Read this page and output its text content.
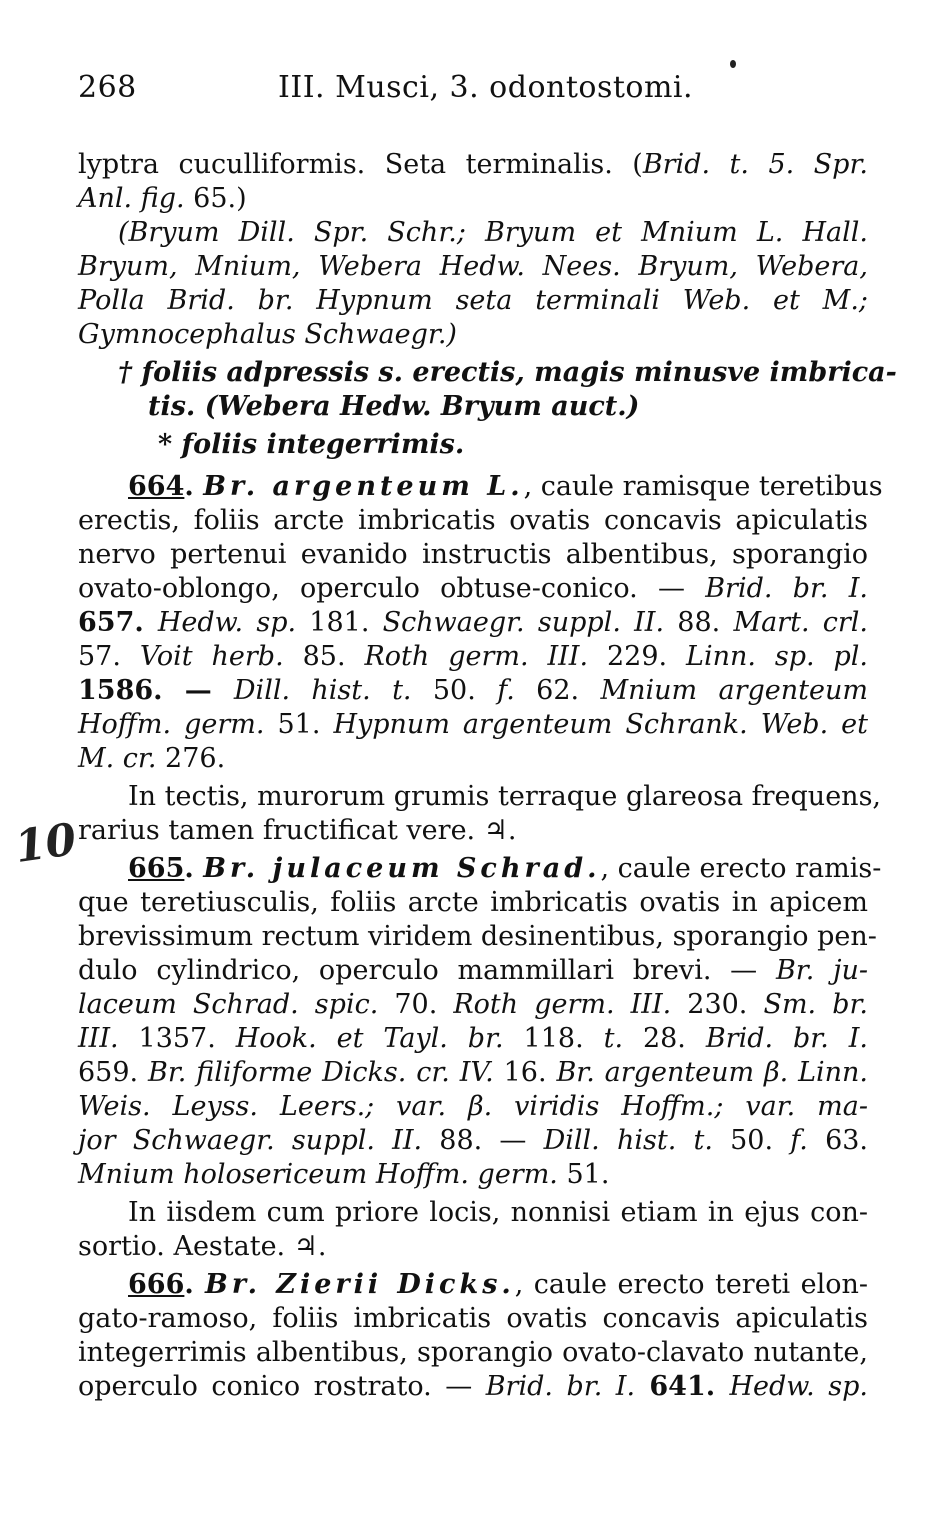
268	III. Musci, 3. odontostomi.
10
lyptra cuculliformis. Seta terminalis. (Brid. t. 5. Spr.
Anl. fig. 65.)
(Bryum Dill. Spr. Schr.; Bryum et Mnium L. Hall.
Bryum, Mnium, Webera Hedw. Nees. Bryum, Webera,
Polla Brid. br. Hypnum seta terminali Web. et M.;
Gymnocephalus Schwaegr.)
† foliis adpressis s. erectis, magis minusve imbrica-
tis. (Webera Hedw. Bryum auct.)
* foliis integerrimis.
664. Br. argenteum L., caule ramisque teretibus
erectis, foliis arcte imbricatis ovatis concavis apiculatis
nervo pertenui evanido instructis albentibus, sporangio
ovato-oblongo, operculo obtuse-conico. — Brid. br. I.
657. Hedw. sp. 181. Schwaegr. suppl. II. 88. Mart. crl.
57. Voit herb. 85. Roth germ. III. 229. Linn. sp. pl.
1586. — Dill. hist. t. 50. f. 62. Mnium argenteum
Hoffm. germ. 51. Hypnum argenteum Schrank. Web. et
M. cr. 276.
In tectis, murorum grumis terraque glareosa frequens,
rarius tamen fructificat vere. ♃.
665. Br. julaceum Schrad., caule erecto ramis-
que teretiusculis, foliis arcte imbricatis ovatis in apicem
brevissimum rectum viridem desinentibus, sporangio pen-
dulo cylindrico, operculo mammillari brevi. — Br. ju-
laceum Schrad. spic. 70. Roth germ. III. 230. Sm. br.
III. 1357. Hook. et Tayl. br. 118. t. 28. Brid. br. I.
659. Br. filiforme Dicks. cr. IV. 16. Br. argenteum β. Linn.
Weis. Leyss. Leers.; var. β. viridis Hoffm.; var. ma-
jor Schwaegr. suppl. II. 88. — Dill. hist. t. 50. f. 63.
Mnium holosericeum Hoffm. germ. 51.
In iisdem cum priore locis, nonnisi etiam in ejus con-
sortio. Aestate. ♃.
666. Br. Zierii Dicks., caule erecto tereti elon-
gato-ramoso, foliis imbricatis ovatis concavis apiculatis
integerrimis albentibus, sporangio ovato-clavato nutante,
operculo conico rostrato. — Brid. br. I. 641. Hedw. sp.
